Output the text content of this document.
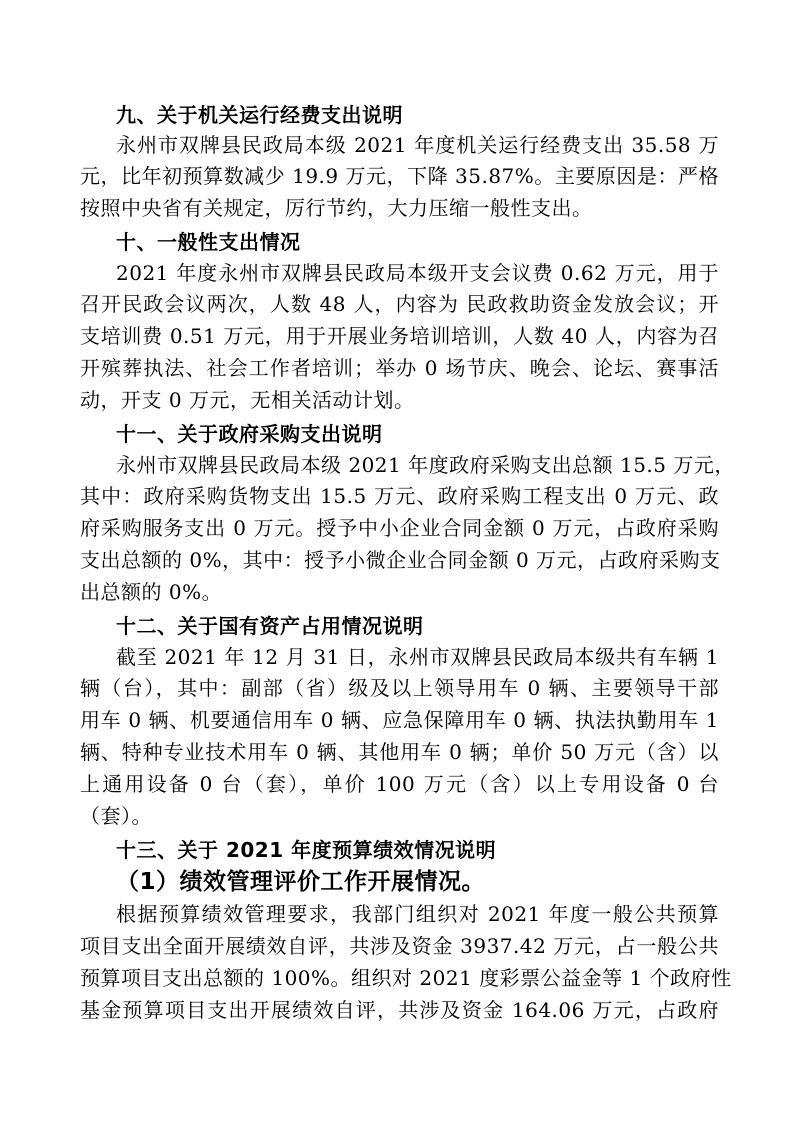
九、关于机关运行经费支出说明
永州市双牌县民政局本级 2021 年度机关运行经费支出 35.58 万
元，比年初预算数减少 19.9 万元，下降 35.87%。主要原因是：严格
按照中央省有关规定，厉行节约，大力压缩一般性支出。
十、一般性支出情况
2021 年度永州市双牌县民政局本级开支会议费 0.62 万元，用于
召开民政会议两次，人数 48 人，内容为 民政救助资金发放会议；开
支培训费 0.51 万元，用于开展业务培训培训，人数 40 人，内容为召
开殡葬执法、社会工作者培训；举办 0 场节庆、晚会、论坛、赛事活
动，开支 0 万元，无相关活动计划。
十一、关于政府采购支出说明
永州市双牌县民政局本级 2021 年度政府采购支出总额 15.5 万元，
其中：政府采购货物支出 15.5 万元、政府采购工程支出 0 万元、政
府采购服务支出 0 万元。授予中小企业合同金额 0 万元，占政府采购
支出总额的 0%，其中：授予小微企业合同金额 0 万元，占政府采购支
出总额的 0%。
十二、关于国有资产占用情况说明
截至 2021 年 12 月 31 日，永州市双牌县民政局本级共有车辆 1
辆（台），其中：副部（省）级及以上领导用车 0 辆、主要领导干部
用车 0 辆、机要通信用车 0 辆、应急保障用车 0 辆、执法执勤用车 1
辆、特种专业技术用车 0 辆、其他用车 0 辆；单价 50 万元（含）以
上通用设备 0 台（套），单价 100 万元（含）以上专用设备 0 台
（套）。
十三、关于 2021 年度预算绩效情况说明
（1）绩效管理评价工作开展情况。
根据预算绩效管理要求，我部门组织对 2021 年度一般公共预算
项目支出全面开展绩效自评，共涉及资金 3937.42 万元，占一般公共
预算项目支出总额的 100%。组织对 2021 度彩票公益金等 1 个政府性
基金预算项目支出开展绩效自评，共涉及资金 164.06 万元，占政府
